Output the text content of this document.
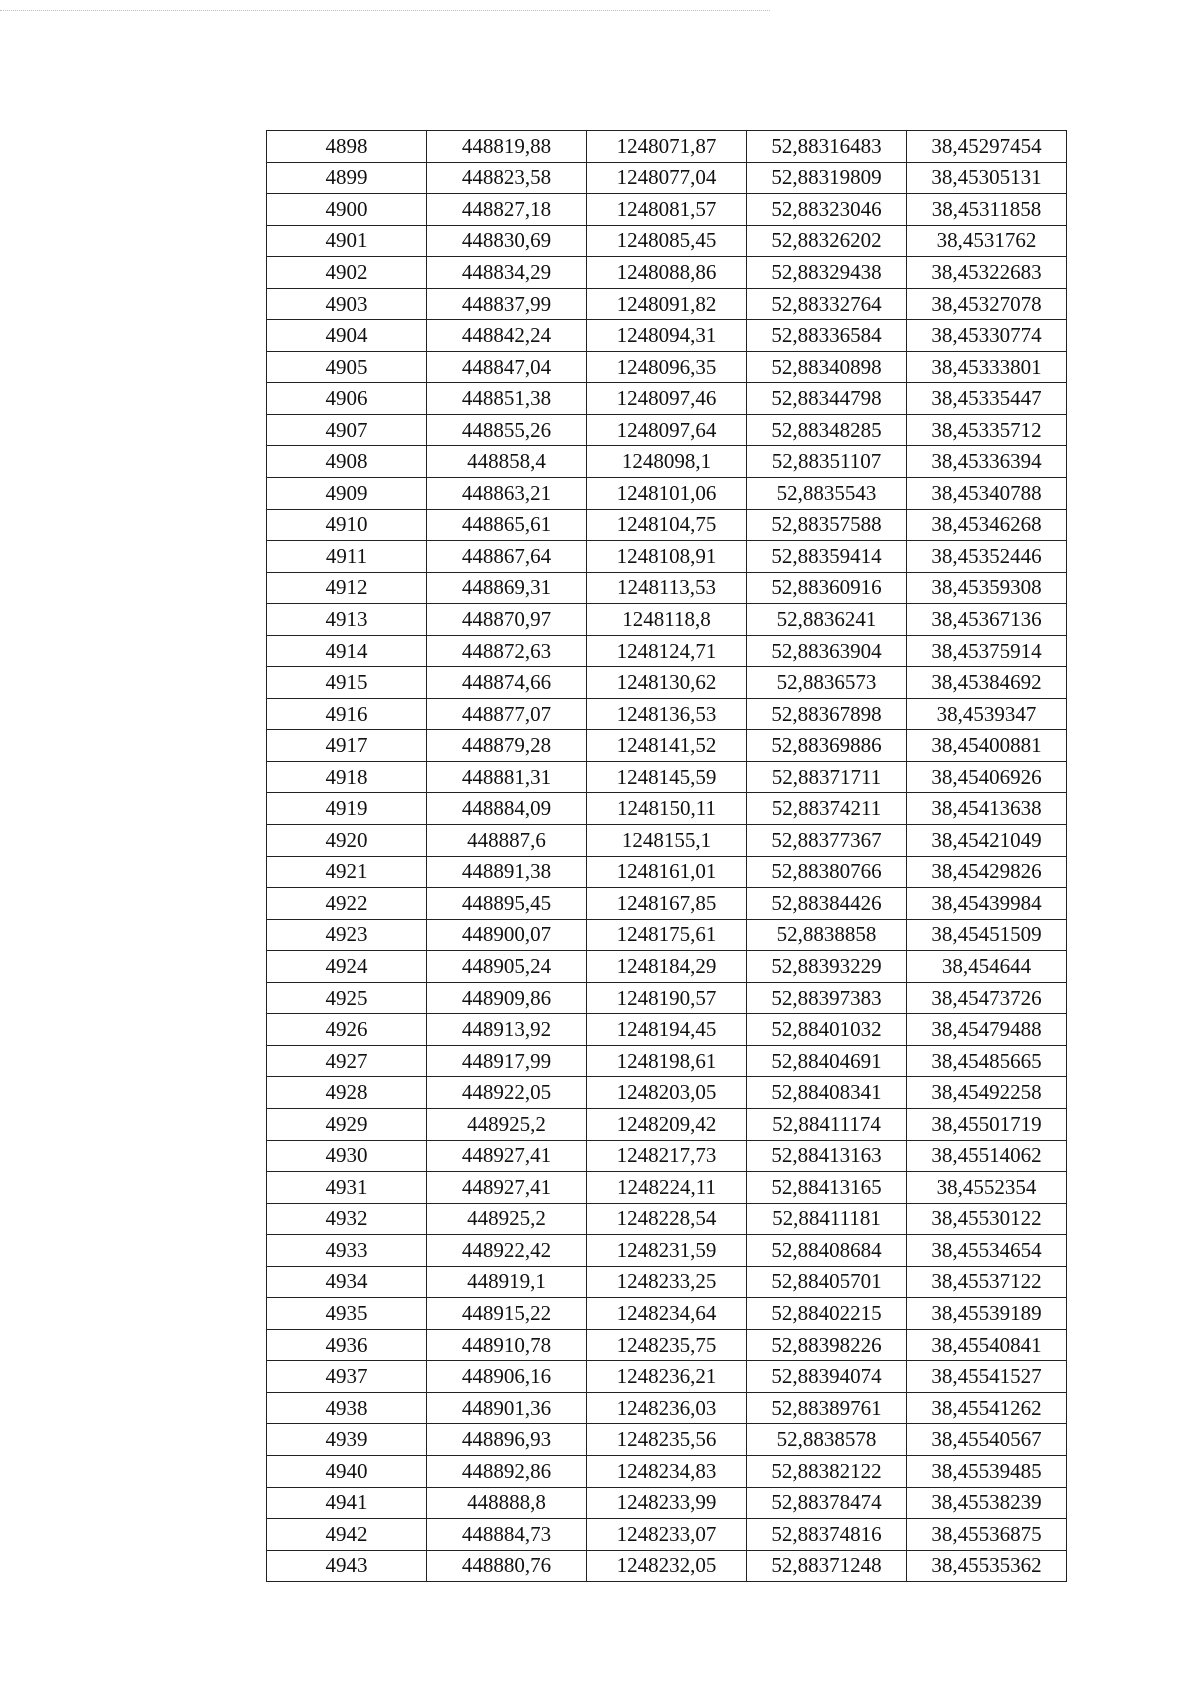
4898	448819,88	1248071,87	52,88316483	38,45297454
4899	448823,58	1248077,04	52,88319809	38,45305131
4900	448827,18	1248081,57	52,88323046	38,45311858
4901	448830,69	1248085,45	52,88326202	38,4531762
4902	448834,29	1248088,86	52,88329438	38,45322683
4903	448837,99	1248091,82	52,88332764	38,45327078
4904	448842,24	1248094,31	52,88336584	38,45330774
4905	448847,04	1248096,35	52,88340898	38,45333801
4906	448851,38	1248097,46	52,88344798	38,45335447
4907	448855,26	1248097,64	52,88348285	38,45335712
4908	448858,4	1248098,1	52,88351107	38,45336394
4909	448863,21	1248101,06	52,8835543	38,45340788
4910	448865,61	1248104,75	52,88357588	38,45346268
4911	448867,64	1248108,91	52,88359414	38,45352446
4912	448869,31	1248113,53	52,88360916	38,45359308
4913	448870,97	1248118,8	52,8836241	38,45367136
4914	448872,63	1248124,71	52,88363904	38,45375914
4915	448874,66	1248130,62	52,8836573	38,45384692
4916	448877,07	1248136,53	52,88367898	38,4539347
4917	448879,28	1248141,52	52,88369886	38,45400881
4918	448881,31	1248145,59	52,88371711	38,45406926
4919	448884,09	1248150,11	52,88374211	38,45413638
4920	448887,6	1248155,1	52,88377367	38,45421049
4921	448891,38	1248161,01	52,88380766	38,45429826
4922	448895,45	1248167,85	52,88384426	38,45439984
4923	448900,07	1248175,61	52,8838858	38,45451509
4924	448905,24	1248184,29	52,88393229	38,454644
4925	448909,86	1248190,57	52,88397383	38,45473726
4926	448913,92	1248194,45	52,88401032	38,45479488
4927	448917,99	1248198,61	52,88404691	38,45485665
4928	448922,05	1248203,05	52,88408341	38,45492258
4929	448925,2	1248209,42	52,88411174	38,45501719
4930	448927,41	1248217,73	52,88413163	38,45514062
4931	448927,41	1248224,11	52,88413165	38,4552354
4932	448925,2	1248228,54	52,88411181	38,45530122
4933	448922,42	1248231,59	52,88408684	38,45534654
4934	448919,1	1248233,25	52,88405701	38,45537122
4935	448915,22	1248234,64	52,88402215	38,45539189
4936	448910,78	1248235,75	52,88398226	38,45540841
4937	448906,16	1248236,21	52,88394074	38,45541527
4938	448901,36	1248236,03	52,88389761	38,45541262
4939	448896,93	1248235,56	52,8838578	38,45540567
4940	448892,86	1248234,83	52,88382122	38,45539485
4941	448888,8	1248233,99	52,88378474	38,45538239
4942	448884,73	1248233,07	52,88374816	38,45536875
4943	448880,76	1248232,05	52,88371248	38,45535362
